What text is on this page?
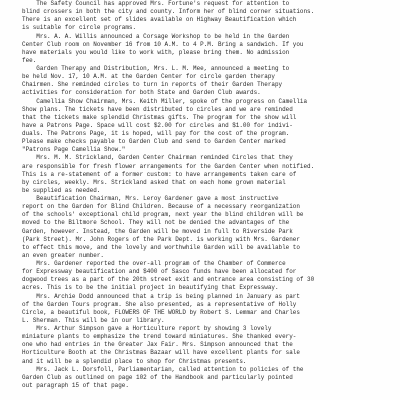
The Safety Council has approved Mrs. Fortune's request for attention to
blind crossers in both the city and county. Inform her of blind corner situations.
There is an excellent set of slides available on Highway Beautification which
is suitable for circle programs.
Mrs. A. A. Willis announced a Corsage Workshop to be held in the Garden
Center Club room on November 16 from 10 A.M. to 4 P.M. Bring a sandwich. If you
have materials you would like to work with, please bring them. No admission
fee.
Garden Therapy and Distribution, Mrs. L. M. Mee, announced a meeting to
be held Nov. 17, 10 A.M. at the Garden Center for circle garden therapy
Chairmen. She reminded circles to turn in reports of their Garden Therapy
activities for consideration for both State and Garden Club awards.
Camellia Show Chairman, Mrs. Keith Miller, spoke of the progress on Camellia
Show plans. The tickets have been distributed to circles and we are reminded
that the tickets make splendid Christmas gifts. The program for the show will
have a Patrons Page. Space will cost $2.00 for circles and $1.00 for indivi-
duals. The Patrons Page, it is hoped, will pay for the cost of the program.
Please make checks payable to Garden Club and send to Garden Center marked
"Patrons Page Camellia Show."
Mrs. M. M. Strickland, Garden Center Chairman reminded Circles that they
are responsible for fresh flower arrangements for the Garden Center when notified.
This is a re-statement of a former custom: to have arrangements taken care of
by circles, weekly. Mrs. Strickland asked that on each home grown material
be supplied as needed.
Beautification Chairman, Mrs. Leroy Gardener gave a most instructive
report on the Garden for Blind Children. Because of a necessary reorganization
of the schools' exceptional child program, next year the blind children will be
moved to the Biltmore School. They will not be denied the advantages of the
Garden, however. Instead, the Garden will be moved in full to Riverside Park
(Park Street). Mr. John Rogers of the Park Dept. is working with Mrs. Gardener
to effect this move, and the lovely and worthwhile Garden will be available to
an even greater number.
Mrs. Gardener reported the over-all program of the Chamber of Commerce
for Expressway beautification and $400 of Sasco funds have been allocated for
dogwood trees as a part of the 20th street exit and entrance area consisting of 30
acres. This is to be the initial project in beautifying that Expressway.
Mrs. Archie Dodd announced that a trip is being planned in January as part
of the Garden Tours program. She also presented, as a representative of Holly
Circle, a beautiful book, FLOWERS OF THE WORLD by Robert S. Lemmar and Charles
L. Sherman. This will be in our library.
Mrs. Arthur Simpson gave a Horticulture report by showing 3 lovely
miniature plants to emphasize the trend toward miniatures. She thanked every-
one who had entries in the Greater Jax Fair. Mrs. Simpson announced that the
Horticulture Booth at the Christmas Bazaar will have excellent plants for sale
and it will be a splendid place to shop for Christmas presents.
Mrs. Jack L. Dorsfoll, Parliamentarian, called attention to policies of the
Garden Club as outlined on page 102 of the Handbook and particularly pointed
out paragraph 15 of that page.
